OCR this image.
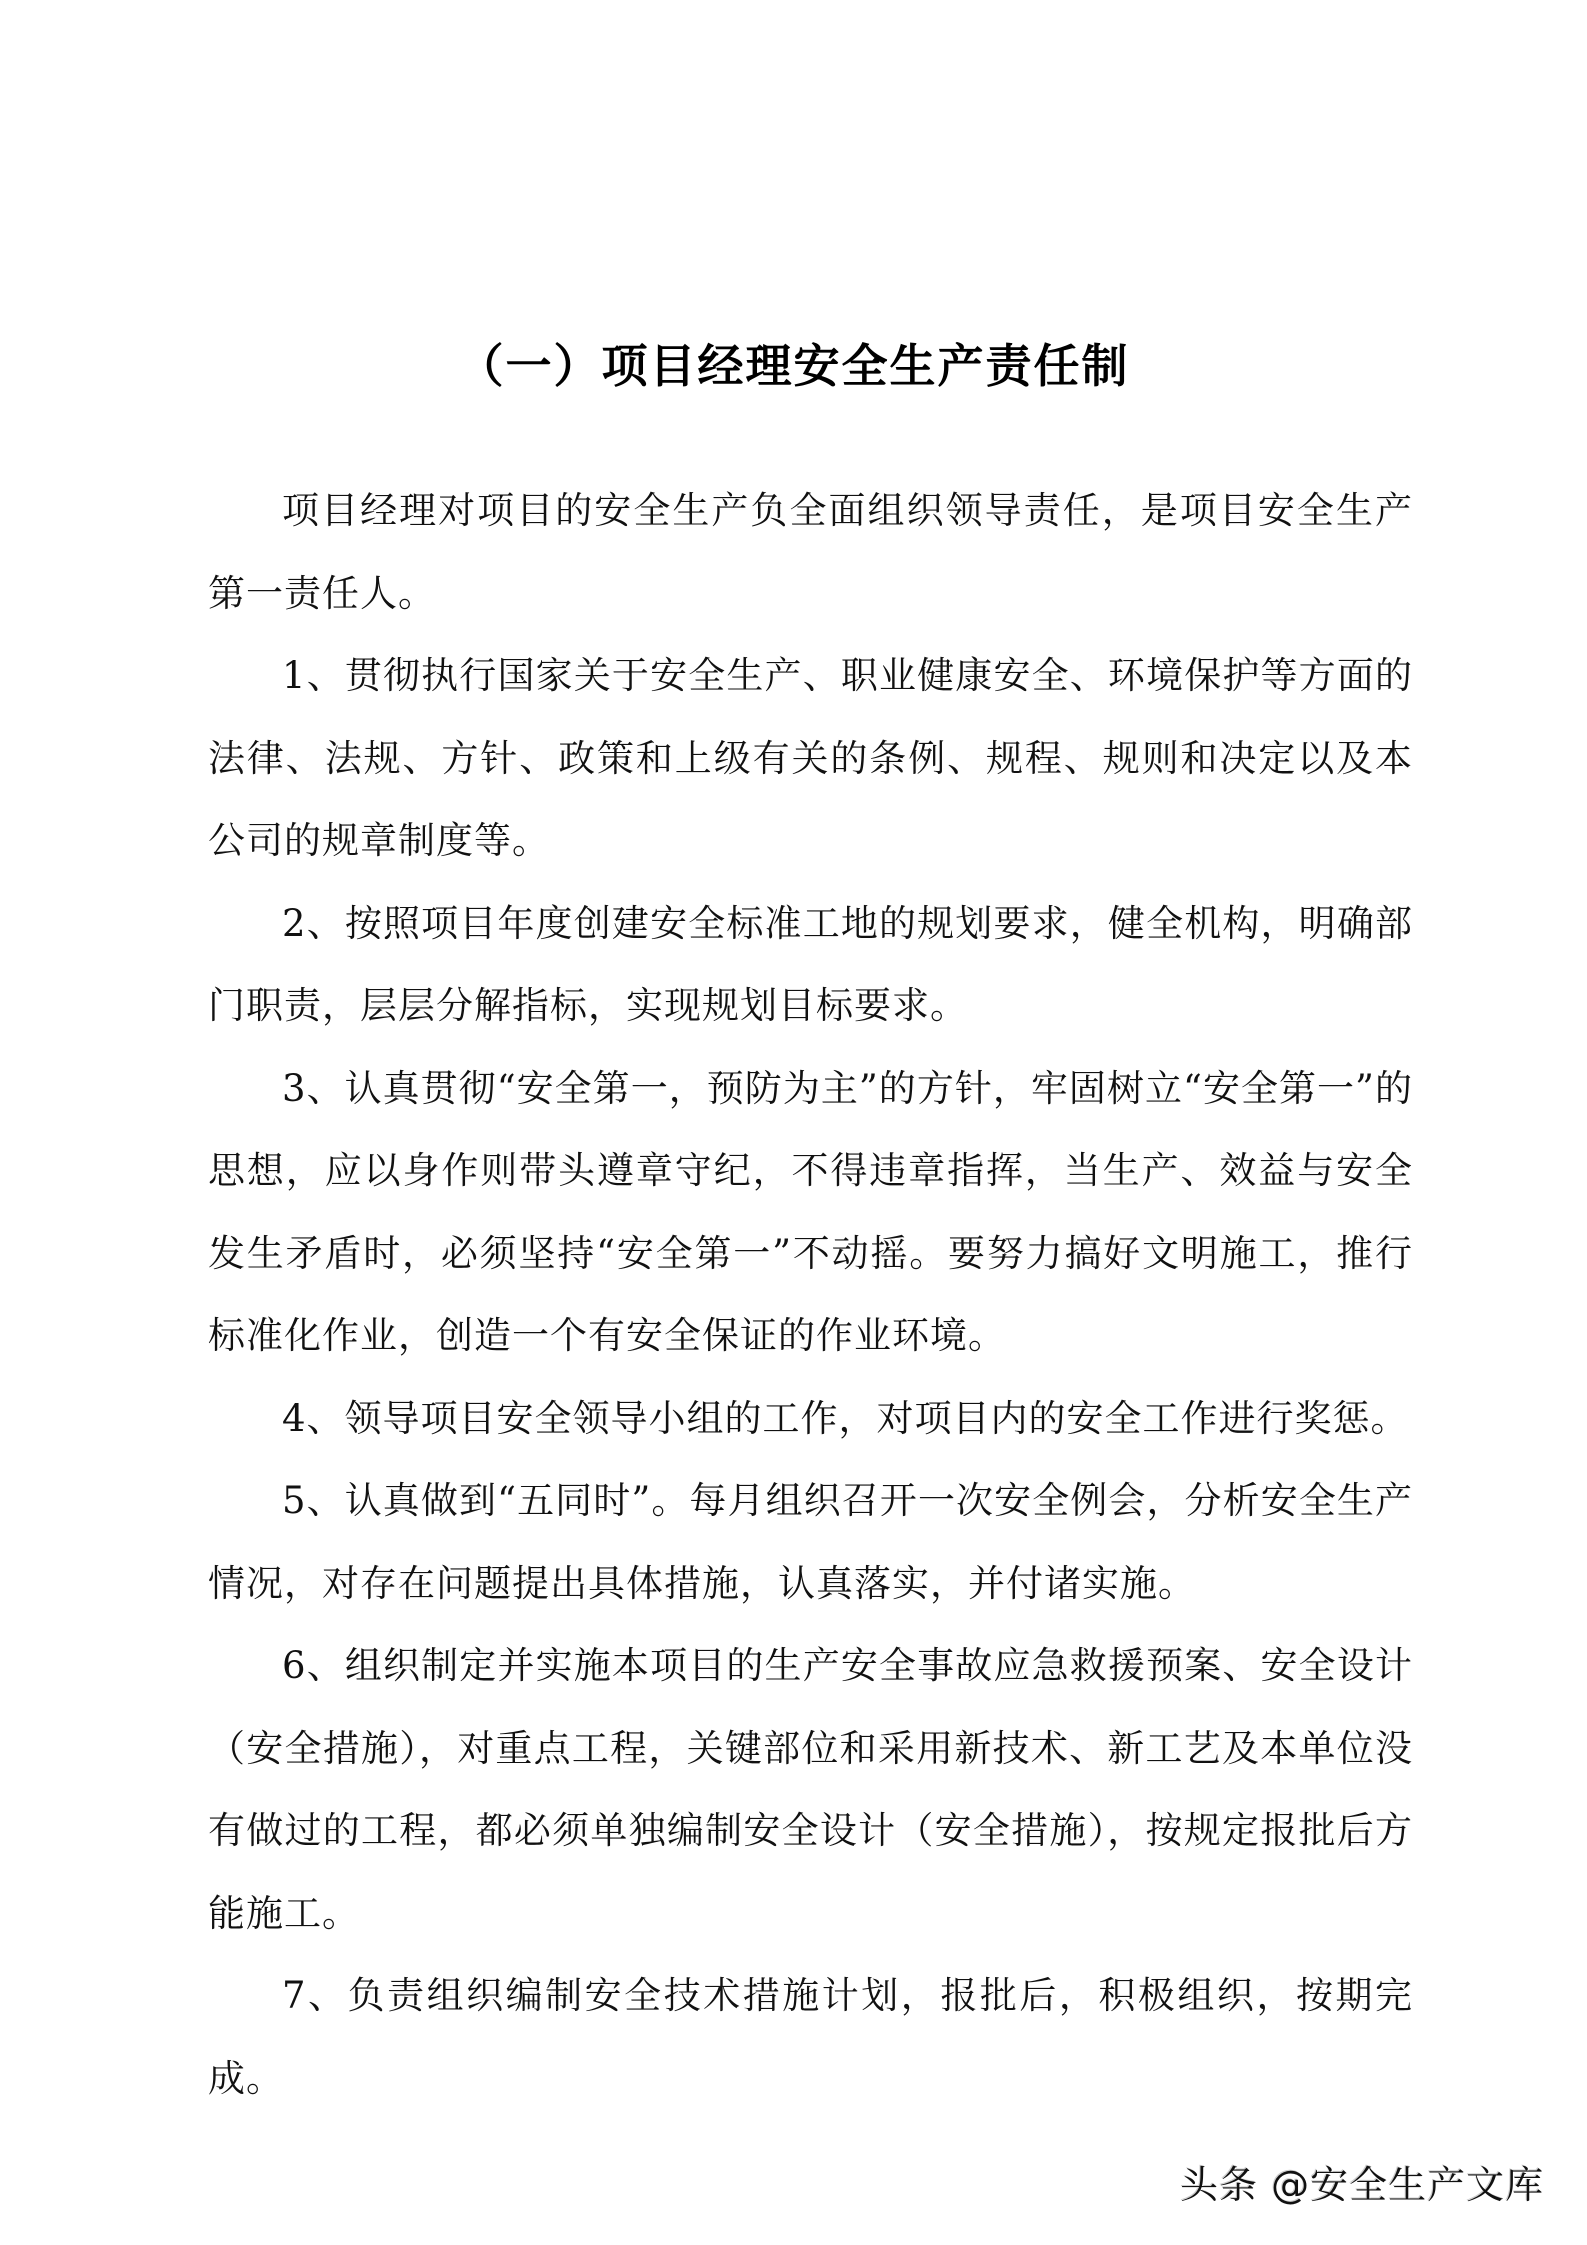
（一）项目经理安全生产责任制

项目经理对项目的安全生产负全面组织领导责任，是项目安全生产第一责任人。

1、贯彻执行国家关于安全生产、职业健康安全、环境保护等方面的法律、法规、方针、政策和上级有关的条例、规程、规则和决定以及本公司的规章制度等。

2、按照项目年度创建安全标准工地的规划要求，健全机构，明确部门职责，层层分解指标，实现规划目标要求。

3、认真贯彻“安全第一，预防为主”的方针，牢固树立“安全第一”的思想，应以身作则带头遵章守纪，不得违章指挥，当生产、效益与安全发生矛盾时，必须坚持“安全第一”不动摇。要努力搞好文明施工，推行标准化作业，创造一个有安全保证的作业环境。

4、领导项目安全领导小组的工作，对项目内的安全工作进行奖惩。

5、认真做到“五同时”。每月组织召开一次安全例会，分析安全生产情况，对存在问题提出具体措施，认真落实，并付诸实施。

6、组织制定并实施本项目的生产安全事故应急救援预案、安全设计（安全措施），对重点工程，关键部位和采用新技术、新工艺及本单位没有做过的工程，都必须单独编制安全设计（安全措施），按规定报批后方能施工。

7、负责组织编制安全技术措施计划，报批后，积极组织，按期完成。

头条 @安全生产文库
